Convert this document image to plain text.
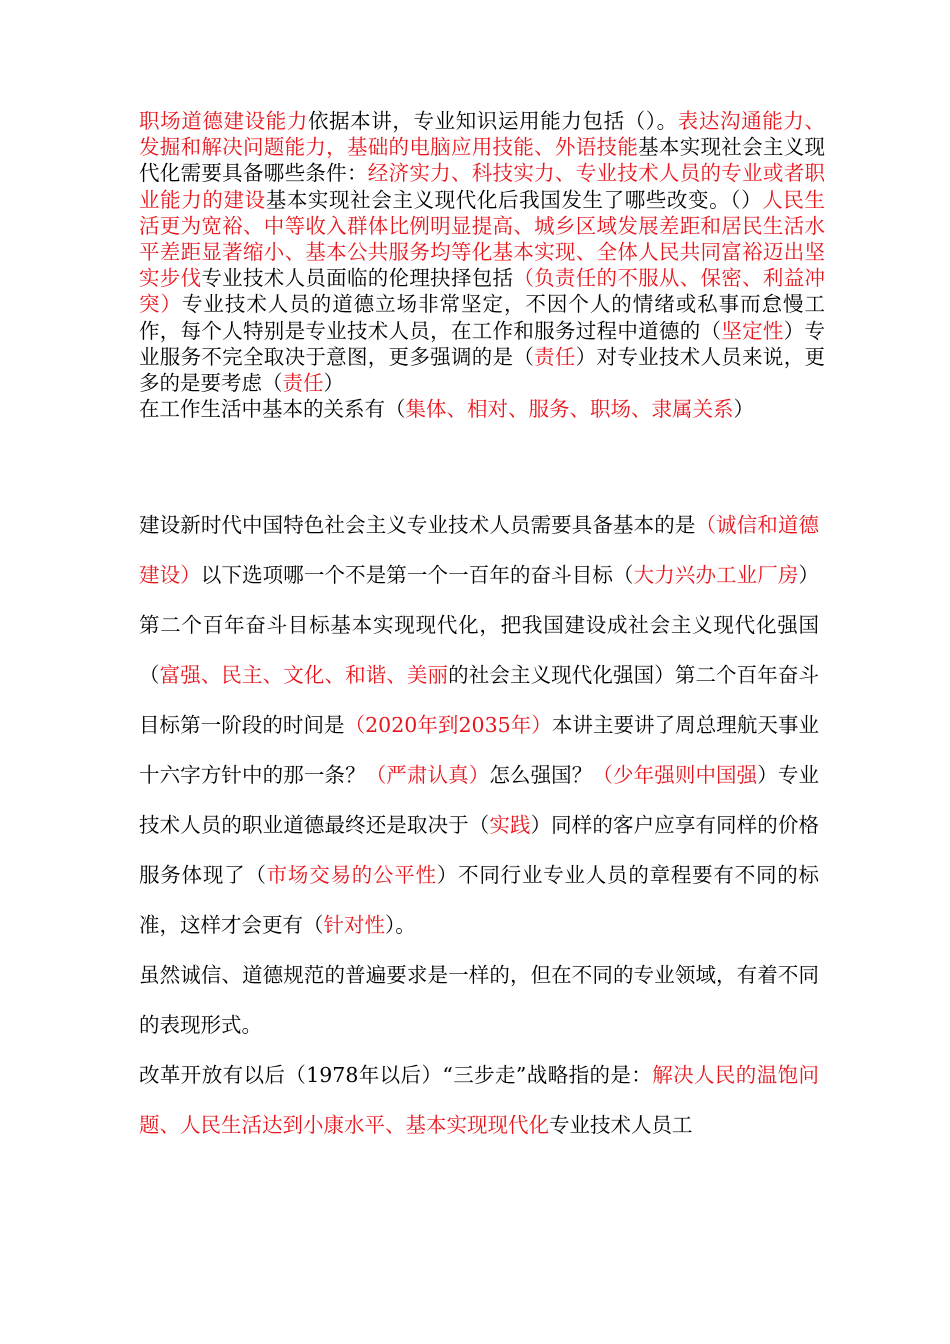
职场道德建设能力依据本讲，专业知识运用能力包括（）。表达沟通能力、发掘和解决问题能力，基础的电脑应用技能、外语技能基本实现社会主义现代化需要具备哪些条件：经济实力、科技实力、专业技术人员的专业或者职业能力的建设基本实现社会主义现代化后我国发生了哪些改变。（）人民生活更为宽裕、中等收入群体比例明显提高、城乡区域发展差距和居民生活水平差距显著缩小、基本公共服务均等化基本实现、全体人民共同富裕迈出坚实步伐专业技术人员面临的伦理抉择包括（负责任的不服从、保密、利益冲突）专业技术人员的道德立场非常坚定，不因个人的情绪或私事而怠慢工作，每个人特别是专业技术人员，在工作和服务过程中道德的（坚定性）专业服务不完全取决于意图，更多强调的是（责任）对专业技术人员来说，更多的是要考虑（责任）

在工作生活中基本的关系有（集体、相对、服务、职场、隶属关系）

建设新时代中国特色社会主义专业技术人员需要具备基本的是（诚信和道德建设）以下选项哪一个不是第一个一百年的奋斗目标（大力兴办工业厂房）第二个百年奋斗目标基本实现现代化，把我国建设成社会主义现代化强国（富强、民主、文化、和谐、美丽的社会主义现代化强国）第二个百年奋斗目标第一阶段的时间是（2020年到2035年）本讲主要讲了周总理航天事业十六字方针中的那一条？（严肃认真）怎么强国？（少年强则中国强）专业技术人员的职业道德最终还是取决于（实践）同样的客户应享有同样的价格服务体现了（市场交易的公平性）不同行业专业人员的章程要有不同的标准，这样才会更有（针对性）。

虽然诚信、道德规范的普遍要求是一样的，但在不同的专业领域，有着不同的表现形式。

改革开放有以后（1978年以后）“三步走”战略指的是：解决人民的温饱问题、人民生活达到小康水平、基本实现现代化专业技术人员工
